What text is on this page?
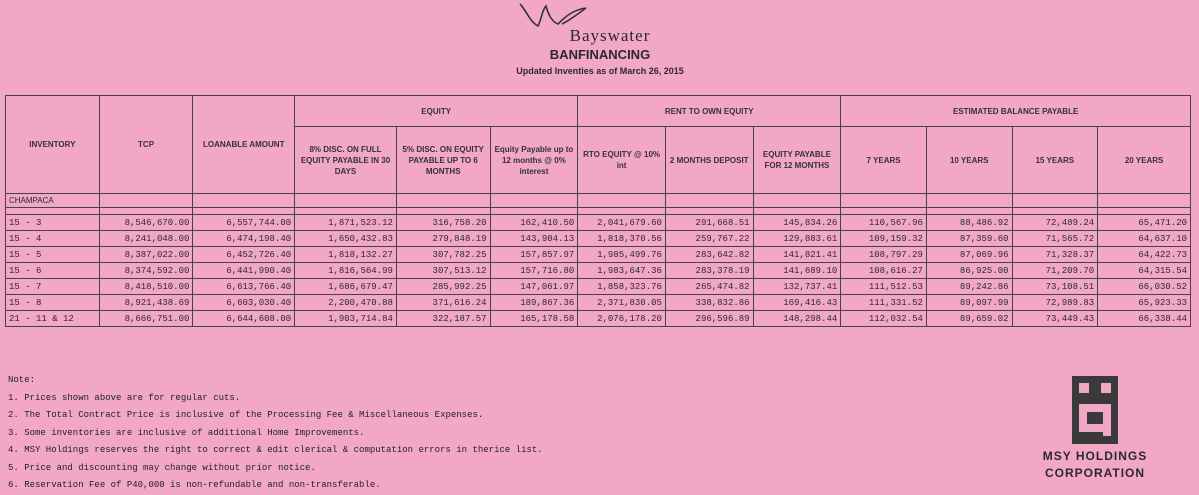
Bayswater
BANFINANCING
Updated Inventies as of March 26, 2015
INVENTORY	TCP	LOANABLE AMOUNT	EQUITY			RENT TO OWN EQUITY			ESTIMATED BALANCE PAYABLE			
			8% DISC. ON FULL EQUITY PAYABLE IN 30 DAYS	5% DISC. ON EQUITY PAYABLE UP TO 6 MONTHS	Equity Payable up to 12 months @ 0% interest	RTO EQUITY @ 10% int	2 MONTHS DEPOSIT	EQUITY PAYABLE FOR 12 MONTHS	7 YEARS	10 YEARS	15 YEARS	20 YEARS
CHAMPACA												

15 - 3	8,546,670.00	6,557,744.00	1,871,523.12	316,758.20	162,410.50	2,041,679.60	291,668.51	145,834.26	110,567.96	88,486.92	72,489.24	65,471.20
15 - 4	8,241,048.00	6,474,198.40	1,650,432.83	279,848.19	143,904.13	1,818,370.56	259,767.22	129,883.61	109,159.32	87,359.60	71,565.72	64,637.10
15 - 5	8,387,022.00	6,452,726.40	1,818,132.27	307,782.25	157,857.97	1,985,499.76	283,642.82	141,821.41	108,797.29	87,069.96	71,328.37	64,422.73
15 - 6	8,374,592.00	6,441,990.40	1,816,564.99	307,513.12	157,716.80	1,983,647.36	283,378.19	141,689.10	108,616.27	86,925.00	71,209.70	64,315.54
15 - 7	8,418,510.00	6,613,766.40	1,686,679.47	285,992.25	147,061.97	1,858,323.76	265,474.82	132,737.41	111,512.53	89,242.86	73,108.51	66,030.52
15 - 8	8,921,438.69	6,603,030.40	2,200,470.88	371,616.24	189,867.36	2,371,830.05	338,832.86	169,416.43	111,331.52	89,097.99	72,989.83	65,923.33
21 - 11 & 12	8,666,751.00	6,644,608.00	1,903,714.84	322,187.57	165,178.58	2,076,178.20	296,596.89	148,298.44	112,032.54	89,659.02	73,449.43	66,338.44
Note:
1. Prices shown above are for regular cuts.
2. The Total Contract Price is inclusive of the Processing Fee & Miscellaneous Expenses.
3. Some inventories are inclusive of additional Home Improvements.
4. MSY Holdings reserves the right to correct & edit clerical & computation errors in therice list.
5. Price and discounting may change without prior notice.
6. Reservation Fee of P40,000 is non-refundable and non-transferable.
MSY HOLDINGS
CORPORATION
